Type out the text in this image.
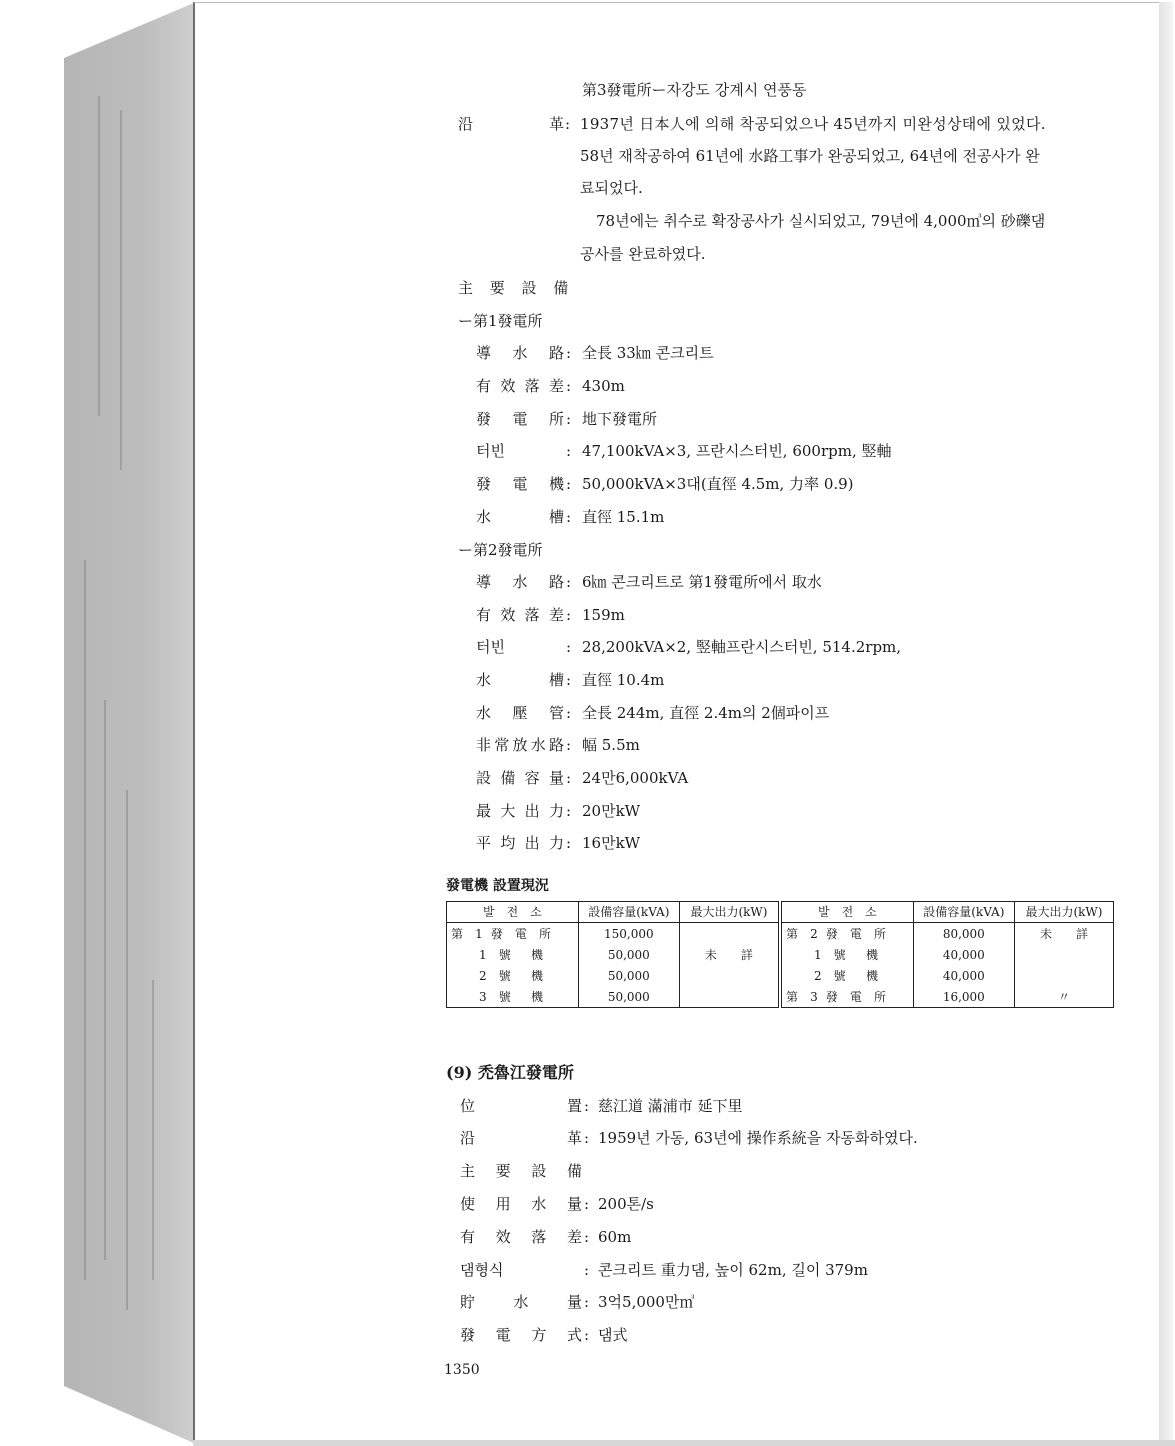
第3發電所ー자강도 강계시 연풍동
沿　　　革 : 1937년 日本人에 의해 착공되었으나 45년까지 미완성상태에 있었다.
58년 재착공하여 61년에 水路工事가 완공되었고, 64년에 전공사가 완
료되었다.
78년에는 취수로 확장공사가 실시되었고, 79년에 4,000㎥의 砂礫댐
공사를 완료하였다.
主 要 設 備
ー第1發電所
導水路 : 全長 33㎞ 콘크리트
有效落差 : 430m
發電所 : 地下發電所
터빈	: 47,100kVA×3, 프란시스터빈, 600rpm, 竪軸
發電機 : 50,000kVA×3대(直徑 4.5m, 力率 0.9)
水槽 : 直徑 15.1m
ー第2發電所
導水路 : 6㎞ 콘크리트로 第1發電所에서 取水
有效落差 : 159m
터빈	: 28,200kVA×2, 竪軸프란시스터빈, 514.2rpm,
水槽 : 直徑 10.4m
水壓管 : 全長 244m, 直徑 2.4m의 2個파이프
非常放水路 : 幅 5.5m
設備容量 : 24만6,000kVA
最大出力 : 20만kW
平均出力 : 16만kW
發電機 設置現況
발　전　소	設備容量(kVA)	最大出力(kW)	발　전　소	設備容量(kVA)	最大出力(kW)
第 1 發 電 所	150,000		第 2 發 電 所	80,000	未　　詳
1 號 機	50,000	未　　詳	1 號 機	40,000	
2 號 機	50,000		2 號 機	40,000	
3 號 機	50,000		第 3 發 電 所	16,000	〃
(9) 禿魯江發電所
位置 : 慈江道 滿浦市 延下里
沿革 : 1959년 가동, 63년에 操作系統을 자동화하였다.
主要設備
使用水量 : 200톤/s
有效落差 : 60m
댐형식	: 콘크리트 重力댐, 높이 62m, 길이 379m
貯水量 : 3억5,000만㎥
發電方式 : 댐式
1350
